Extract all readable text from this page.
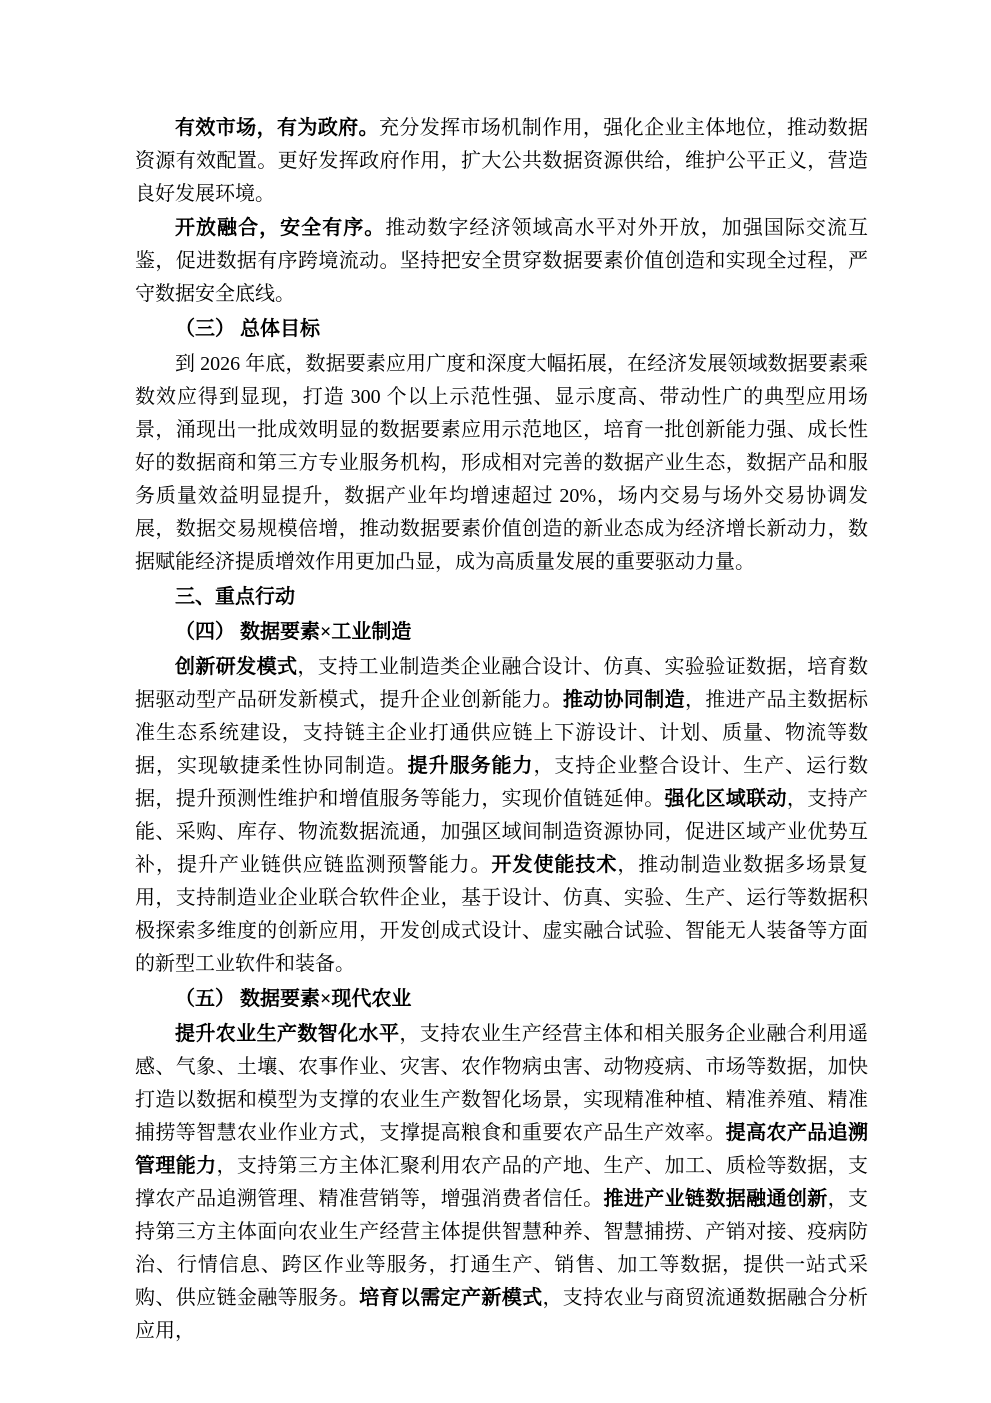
有效市场，有为政府。充分发挥市场机制作用，强化企业主体地位，推动数据资源有效配置。更好发挥政府作用，扩大公共数据资源供给，维护公平正义，营造良好发展环境。

开放融合，安全有序。推动数字经济领域高水平对外开放，加强国际交流互鉴，促进数据有序跨境流动。坚持把安全贯穿数据要素价值创造和实现全过程，严守数据安全底线。

（三） 总体目标

到 2026 年底，数据要素应用广度和深度大幅拓展，在经济发展领域数据要素乘数效应得到显现，打造 300 个以上示范性强、显示度高、带动性广的典型应用场景，涌现出一批成效明显的数据要素应用示范地区，培育一批创新能力强、成长性好的数据商和第三方专业服务机构，形成相对完善的数据产业生态，数据产品和服务质量效益明显提升，数据产业年均增速超过 20%，场内交易与场外交易协调发展，数据交易规模倍增，推动数据要素价值创造的新业态成为经济增长新动力，数据赋能经济提质增效作用更加凸显，成为高质量发展的重要驱动力量。

三、重点行动
（四） 数据要素×工业制造

创新研发模式，支持工业制造类企业融合设计、仿真、实验验证数据，培育数据驱动型产品研发新模式，提升企业创新能力。推动协同制造，推进产品主数据标准生态系统建设，支持链主企业打通供应链上下游设计、计划、质量、物流等数据，实现敏捷柔性协同制造。提升服务能力，支持企业整合设计、生产、运行数据，提升预测性维护和增值服务等能力，实现价值链延伸。强化区域联动，支持产能、采购、库存、物流数据流通，加强区域间制造资源协同，促进区域产业优势互补，提升产业链供应链监测预警能力。开发使能技术，推动制造业数据多场景复用，支持制造业企业联合软件企业，基于设计、仿真、实验、生产、运行等数据积极探索多维度的创新应用，开发创成式设计、虚实融合试验、智能无人装备等方面的新型工业软件和装备。

（五） 数据要素×现代农业

提升农业生产数智化水平，支持农业生产经营主体和相关服务企业融合利用遥感、气象、土壤、农事作业、灾害、农作物病虫害、动物疫病、市场等数据，加快打造以数据和模型为支撑的农业生产数智化场景，实现精准种植、精准养殖、精准捕捞等智慧农业作业方式，支撑提高粮食和重要农产品生产效率。提高农产品追溯管理能力，支持第三方主体汇聚利用农产品的产地、生产、加工、质检等数据，支撑农产品追溯管理、精准营销等，增强消费者信任。推进产业链数据融通创新，支持第三方主体面向农业生产经营主体提供智慧种养、智慧捕捞、产销对接、疫病防治、行情信息、跨区作业等服务，打通生产、销售、加工等数据，提供一站式采购、供应链金融等服务。培育以需定产新模式，支持农业与商贸流通数据融合分析应用，
